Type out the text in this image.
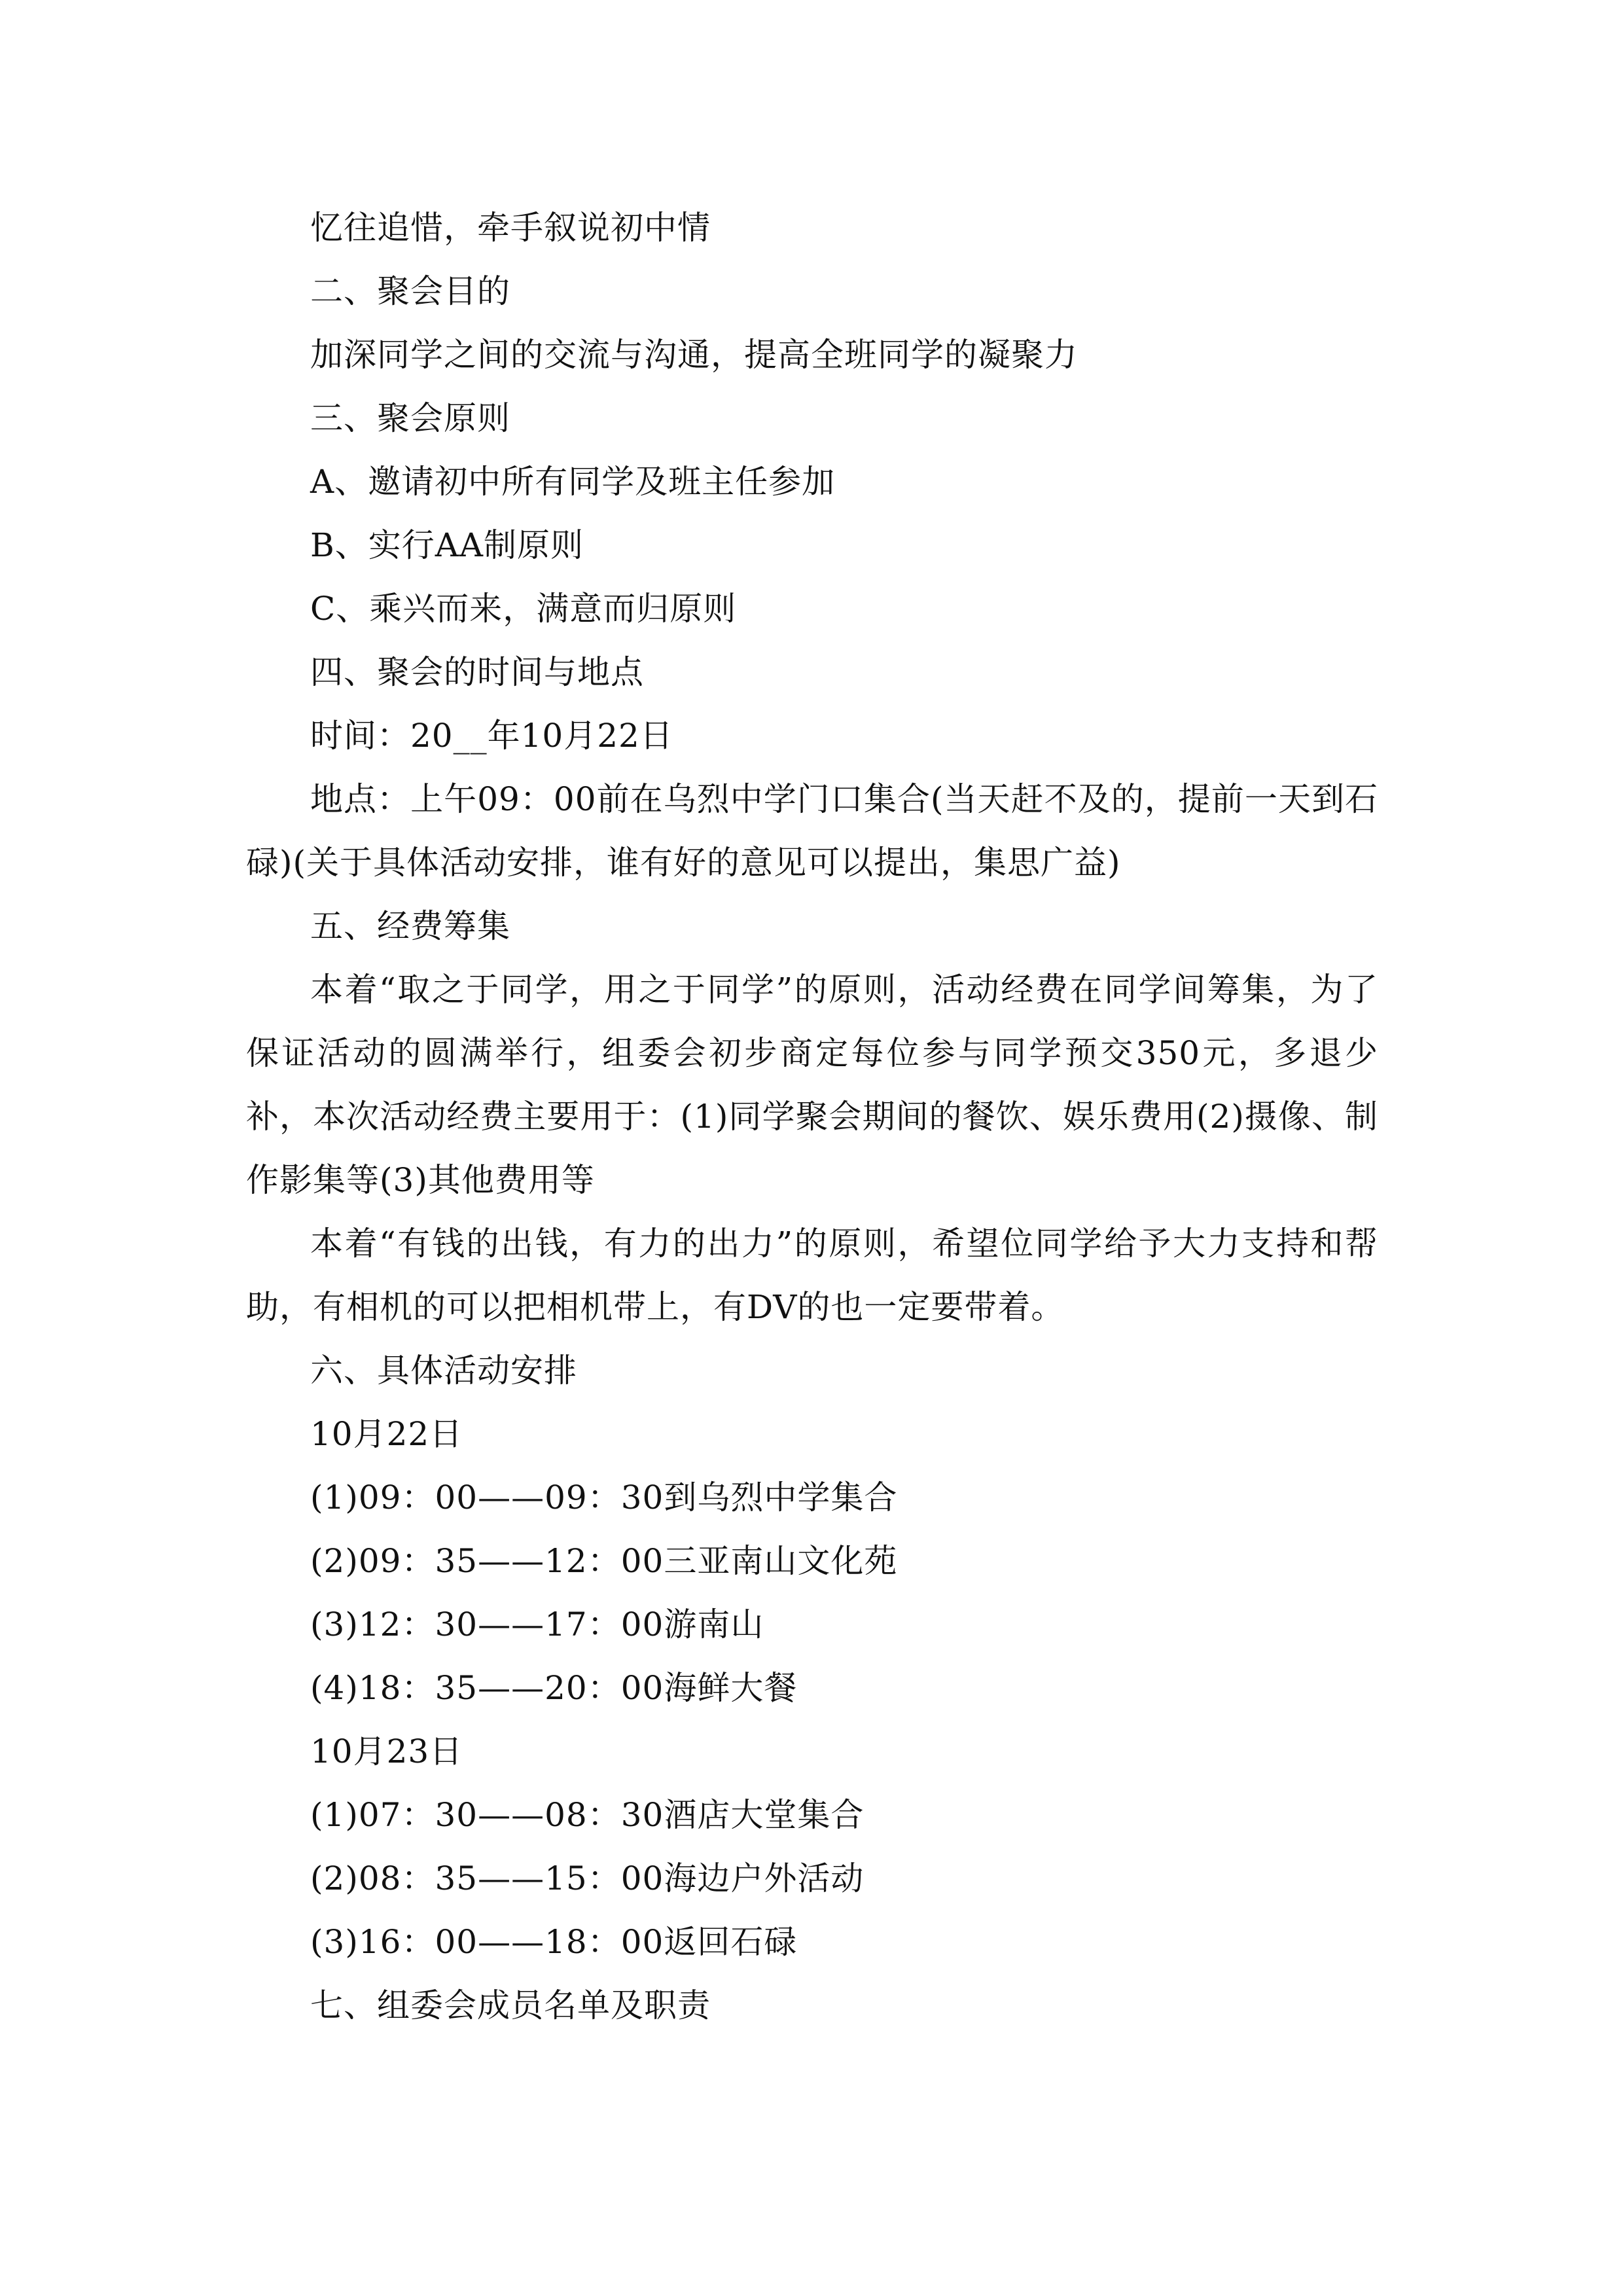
忆往追惜，牵手叙说初中情

二、聚会目的

加深同学之间的交流与沟通，提高全班同学的凝聚力

三、聚会原则

A、邀请初中所有同学及班主任参加

B、实行AA制原则

C、乘兴而来，满意而归原则

四、聚会的时间与地点

时间：20__年10月22日

地点：上午09：00前在乌烈中学门口集合(当天赶不及的，提前一天到石碌)(关于具体活动安排，谁有好的意见可以提出，集思广益)

五、经费筹集

本着“取之于同学，用之于同学”的原则，活动经费在同学间筹集，为了保证活动的圆满举行，组委会初步商定每位参与同学预交350元，多退少补，本次活动经费主要用于：(1)同学聚会期间的餐饮、娱乐费用(2)摄像、制作影集等(3)其他费用等

本着“有钱的出钱，有力的出力”的原则，希望位同学给予大力支持和帮助，有相机的可以把相机带上，有DV的也一定要带着。

六、具体活动安排

10月22日

(1)09：00——09：30到乌烈中学集合

(2)09：35——12：00三亚南山文化苑

(3)12：30——17：00游南山

(4)18：35——20：00海鲜大餐

10月23日

(1)07：30——08：30酒店大堂集合

(2)08：35——15：00海边户外活动

(3)16：00——18：00返回石碌

七、组委会成员名单及职责
